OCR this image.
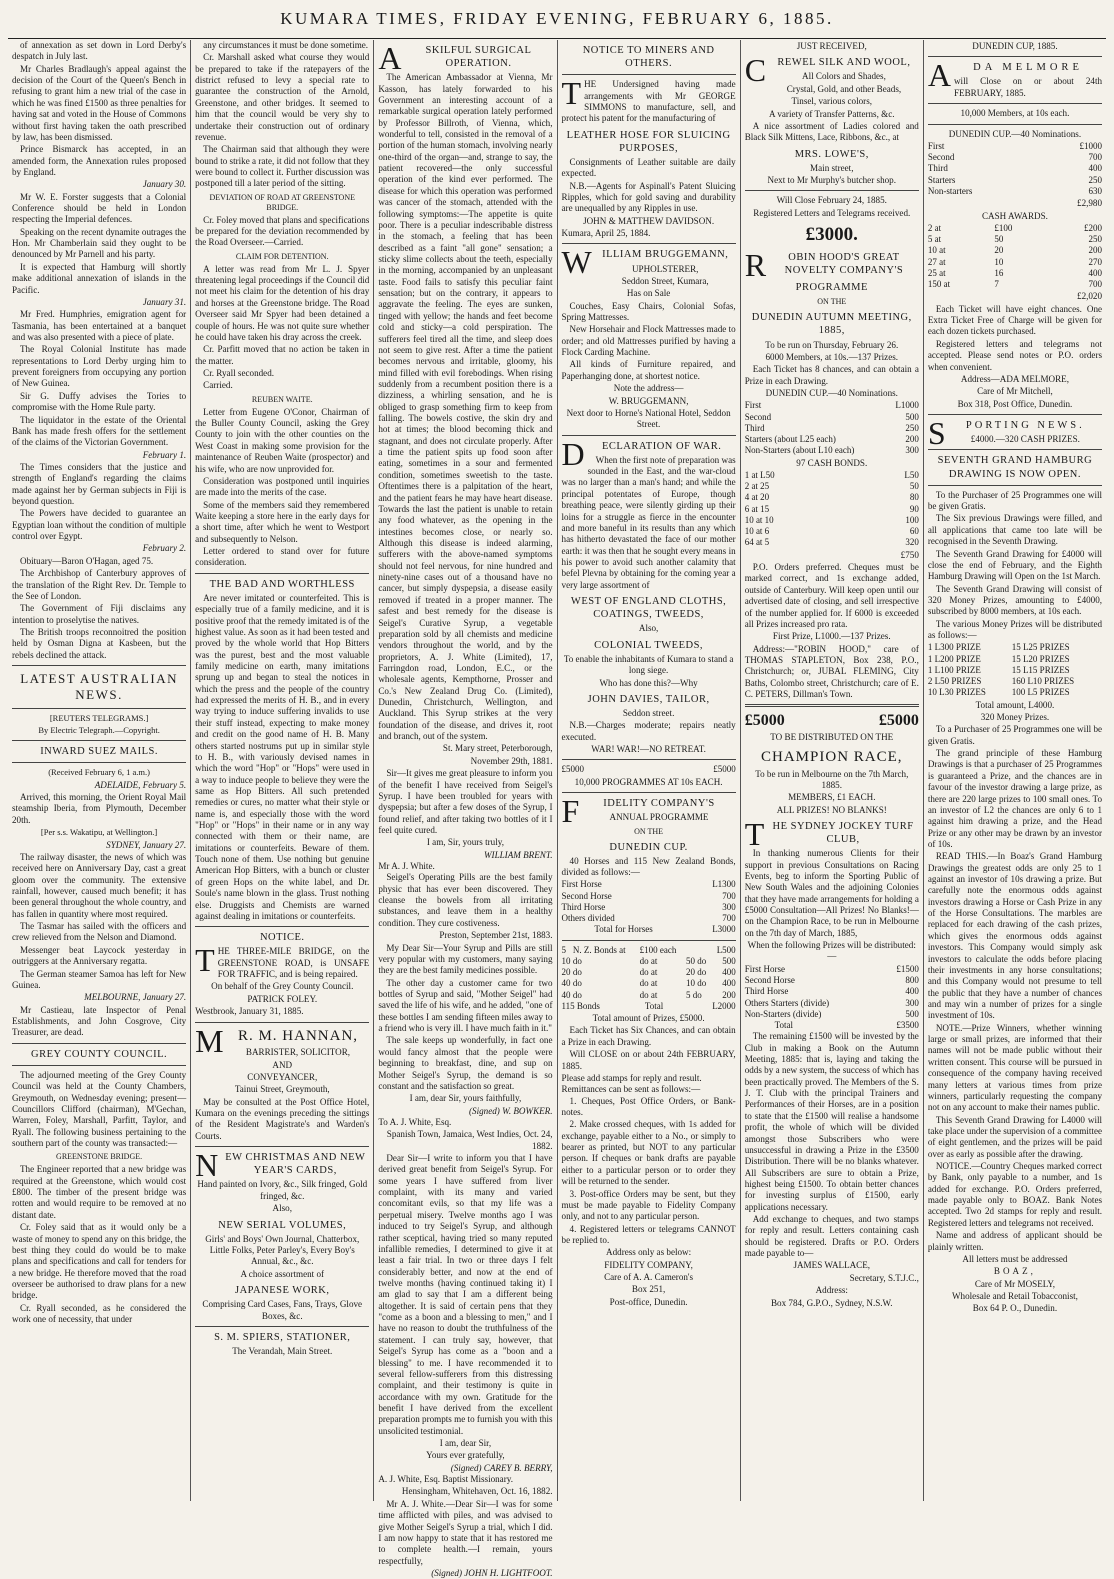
KUMARA TIMES, FRIDAY EVENING, FEBRUARY 6, 1885.

of annexation as set down in Lord Derby's despatch in July last.

Mr Charles Bradlaugh's appeal against the decision of the Court of the Queen's Bench in refusing to grant him a new trial of the case in which he was fined £1500 as three penalties for having sat and voted in the House of Commons without first having taken the oath prescribed by law, has been dismissed.

Prince Bismarck has accepted, in an amended form, the Annexation rules proposed by England.

January 30.

Mr W. E. Forster suggests that a Colonial Conference should be held in London respecting the Imperial defences.

Speaking on the recent dynamite outrages the Hon. Mr Chamberlain said they ought to be denounced by Mr Parnell and his party.

It is expected that Hamburg will shortly make additional annexation of islands in the Pacific.

January 31.

Mr Fred. Humphries, emigration agent for Tasmania, has been entertained at a banquet and was also presented with a piece of plate.

The Royal Colonial Institute has made representations to Lord Derby urging him to prevent foreigners from occupying any portion of New Guinea.

Sir G. Duffy advises the Tories to compromise with the Home Rule party.

The liquidator in the estate of the Oriental Bank has made fresh offers for the settlement of the claims of the Victorian Government.

February 1.

The Times considers that the justice and strength of England's regarding the claims made against her by German subjects in Fiji is beyond question.

The Powers have decided to guarantee an Egyptian loan without the condition of multiple control over Egypt.

February 2.

Obituary—Baron O'Hagan, aged 75.

The Archbishop of Canterbury approves of the translation of the Right Rev. Dr. Temple to the See of London.

The Government of Fiji disclaims any intention to proselytise the natives.

The British troops reconnoitred the position held by Osman Digna at Kasbeen, but the rebels declined the attack.

LATEST AUSTRALIAN NEWS.
[REUTERS TELEGRAMS.]
By Electric Telegraph.—Copyright.
INWARD SUEZ MAILS.
(Received February 6, 1 a.m.)
ADELAIDE, February 5.

Arrived, this morning, the Orient Royal Mail steamship Iberia, from Plymouth, December 20th.

[Per s.s. Wakatipu, at Wellington.]
SYDNEY, January 27.

The railway disaster, the news of which was received here on Anniversary Day, cast a great gloom over the community. The extensive rainfall, however, caused much benefit; it has been general throughout the whole country, and has fallen in quantity where most required.

The Tasmar has sailed with the officers and crew relieved from the Nelson and Diamond.

Messenger beat Laycock yesterday in outriggers at the Anniversary regatta.

The German steamer Samoa has left for New Guinea.

MELBOURNE, January 27.

Mr Castieau, late Inspector of Penal Establishments, and John Cosgrove, City Treasurer, are dead.

GREY COUNTY COUNCIL.

The adjourned meeting of the Grey County Council was held at the County Chambers, Greymouth, on Wednesday evening; present—Councillors Clifford (chairman), M'Gechan, Warren, Foley, Marshall, Parfitt, Taylor, and Ryall. The following business pertaining to the southern part of the county was transacted:—

GREENSTONE BRIDGE.

The Engineer reported that a new bridge was required at the Greenstone, which would cost £800. The timber of the present bridge was rotten and would require to be removed at no distant date.

Cr. Foley said that as it would only be a waste of money to spend any on this bridge, the best thing they could do would be to make plans and specifications and call for tenders for a new bridge. He therefore moved that the road overseer be authorised to draw plans for a new bridge.

Cr. Ryall seconded, as he considered the work one of necessity, that under

any circumstances it must be done sometime.

Cr. Marshall asked what course they would be prepared to take if the ratepayers of the district refused to levy a special rate to guarantee the construction of the Arnold, Greenstone, and other bridges. It seemed to him that the council would be very shy to undertake their construction out of ordinary revenue.

The Chairman said that although they were bound to strike a rate, it did not follow that they were bound to collect it. Further discussion was postponed till a later period of the sitting.

DEVIATION OF ROAD AT GREENSTONE BRIDGE.

Cr. Foley moved that plans and specifications be prepared for the deviation recommended by the Road Overseer.—Carried.

CLAIM FOR DETENTION.

A letter was read from Mr L. J. Spyer threatening legal proceedings if the Council did not meet his claim for the detention of his dray and horses at the Greenstone bridge. The Road Overseer said Mr Spyer had been detained a couple of hours. He was not quite sure whether he could have taken his dray across the creek.

Cr. Parfitt moved that no action be taken in the matter.

Cr. Ryall seconded.

Carried.

REUBEN WAITE.

Letter from Eugene O'Conor, Chairman of the Buller County Council, asking the Grey County to join with the other counties on the West Coast in making some provision for the maintenance of Reuben Waite (prospector) and his wife, who are now unprovided for.

Consideration was postponed until inquiries are made into the merits of the case.

Some of the members said they remembered Waite keeping a store here in the early days for a short time, after which he went to Westport and subsequently to Nelson.

Letter ordered to stand over for future consideration.

THE BAD AND WORTHLESS

Are never imitated or counterfeited. This is especially true of a family medicine, and it is positive proof that the remedy imitated is of the highest value. As soon as it had been tested and proved by the whole world that Hop Bitters was the purest, best and the most valuable family medicine on earth, many imitations sprung up and began to steal the notices in which the press and the people of the country had expressed the merits of H. B., and in every way trying to induce suffering invalids to use their stuff instead, expecting to make money and credit on the good name of H. B. Many others started nostrums put up in similar style to H. B., with variously devised names in which the word "Hop" or "Hops" were used in a way to induce people to believe they were the same as Hop Bitters. All such pretended remedies or cures, no matter what their style or name is, and especially those with the word "Hop" or "Hops" in their name or in any way connected with them or their name, are imitations or counterfeits. Beware of them. Touch none of them. Use nothing but genuine American Hop Bitters, with a bunch or cluster of green Hops on the white label, and Dr. Soule's name blown in the glass. Trust nothing else. Druggists and Chemists are warned against dealing in imitations or counterfeits.

NOTICE.

THE THREE-MILE BRIDGE, on the GREENSTONE ROAD, is UNSAFE FOR TRAFFIC, and is being repaired.

On behalf of the Grey County Council.
PATRICK FOLEY.
Westbrook, January 31, 1885.

M R. M. HANNAN,
BARRISTER, SOLICITOR,

AND
CONVEYANCER,
Tainui Street, Greymouth,

May be consulted at the Post Office Hotel, Kumara on the evenings preceding the sittings of the Resident Magistrate's and Warden's Courts.

N EW CHRISTMAS AND NEW YEAR'S CARDS,

Hand painted on Ivory, &c., Silk fringed, Gold fringed, &c.
Also,
NEW SERIAL VOLUMES,
Girls' and Boys' Own Journal, Chatterbox, Little Folks, Peter Parley's, Every Boy's Annual, &c., &c.
A choice assortment of
JAPANESE WORK,
Comprising Card Cases, Fans, Trays, Glove Boxes, &c.
S. M. SPIERS, STATIONER,
The Verandah, Main Street.

A	SKILFUL SURGICAL OPERATION.

The American Ambassador at Vienna, Mr Kasson, has lately forwarded to his Government an interesting account of a remarkable surgical operation lately performed by Professor Billroth, of Vienna, which, wonderful to tell, consisted in the removal of a portion of the human stomach, involving nearly one-third of the organ—and, strange to say, the patient recovered—the only successful operation of the kind ever performed. The disease for which this operation was performed was cancer of the stomach, attended with the following symptoms:—The appetite is quite poor. There is a peculiar indescribable distress in the stomach, a feeling that has been described as a faint "all gone" sensation; a sticky slime collects about the teeth, especially in the morning, accompanied by an unpleasant taste. Food fails to satisfy this peculiar faint sensation; but on the contrary, it appears to aggravate the feeling. The eyes are sunken, tinged with yellow; the hands and feet become cold and sticky—a cold perspiration. The sufferers feel tired all the time, and sleep does not seem to give rest. After a time the patient becomes nervous and irritable, gloomy, his mind filled with evil forebodings. When rising suddenly from a recumbent position there is a dizziness, a whirling sensation, and he is obliged to grasp something firm to keep from falling. The bowels costive, the skin dry and hot at times; the blood becoming thick and stagnant, and does not circulate properly. After a time the patient spits up food soon after eating, sometimes in a sour and fermented condition, sometimes sweetish to the taste. Oftentimes there is a palpitation of the heart, and the patient fears he may have heart disease. Towards the last the patient is unable to retain any food whatever, as the opening in the intestines becomes close, or nearly so. Although this disease is indeed alarming, sufferers with the above-named symptoms should not feel nervous, for nine hundred and ninety-nine cases out of a thousand have no cancer, but simply dyspepsia, a disease easily removed if treated in a proper manner. The safest and best remedy for the disease is Seigel's Curative Syrup, a vegetable preparation sold by all chemists and medicine vendors throughout the world, and by the proprietors, A. J. White (Limited), 17, Farringdon road, London, E.C., or the wholesale agents, Kempthorne, Prosser and Co.'s New Zealand Drug Co. (Limited), Dunedin, Christchurch, Wellington, and Auckland. This Syrup strikes at the very foundation of the disease, and drives it, root and branch, out of the system.

St. Mary street, Peterborough,
November 29th, 1881.

Sir—It gives me great pleasure to inform you of the benefit I have received from Seigel's Syrup. I have been troubled for years with dyspepsia; but after a few doses of the Syrup, I found relief, and after taking two bottles of it I feel quite cured.

I am, Sir, yours truly,
WILLIAM BRENT.
Mr A. J. White.

Seigel's Operating Pills are the best family physic that has ever been discovered. They cleanse the bowels from all irritating substances, and leave them in a healthy condition. They cure costiveness.

Preston, September 21st, 1883.

My Dear Sir—Your Syrup and Pills are still very popular with my customers, many saying they are the best family medicines possible.

The other day a customer came for two bottles of Syrup and said, "Mother Seigel" had saved the life of his wife, and he added, "one of these bottles I am sending fifteen miles away to a friend who is very ill. I have much faith in it."

The sale keeps up wonderfully, in fact one would fancy almost that the people were beginning to breakfast, dine, and sup on Mother Seigel's Syrup, the demand is so constant and the satisfaction so great.

I am, dear Sir, yours faithfully,
(Signed) W. BOWKER.
To A. J. White, Esq.
Spanish Town, Jamaica, West Indies, Oct. 24, 1882.

Dear Sir—I write to inform you that I have derived great benefit from Seigel's Syrup. For some years I have suffered from liver complaint, with its many and varied concomitant evils, so that my life was a perpetual misery. Twelve months ago I was induced to try Seigel's Syrup, and although rather sceptical, having tried so many reputed infallible remedies, I determined to give it at least a fair trial. In two or three days I felt considerably better, and now at the end of twelve months (having continued taking it) I am glad to say that I am a different being altogether. It is said of certain pens that they "come as a boon and a blessing to men," and I have no reason to doubt the truthfulness of the statement. I can truly say, however, that Seigel's Syrup has come as a "boon and a blessing" to me. I have recommended it to several fellow-sufferers from this distressing complaint, and their testimony is quite in accordance with my own. Gratitude for the benefit I have derived from the excellent preparation prompts me to furnish you with this unsolicited testimonial.

I am, dear Sir,
Yours ever gratefully,
(Signed) CAREY B. BERRY,
A. J. White, Esq. Baptist Missionary.
Hensingham, Whitehaven, Oct. 16, 1882.

Mr A. J. White.—Dear Sir—I was for some time afflicted with piles, and was advised to give Mother Seigel's Syrup a trial, which I did. I am now happy to state that it has restored me to complete health.—I remain, yours respectfully,

(Signed) JOHN H. LIGHTFOOT.
NOTICE TO MINERS AND OTHERS.

THE Undersigned having made arrangements with Mr GEORGE SIMMONS to manufacture, sell, and protect his patent for the manufacturing of

LEATHER HOSE FOR SLUICING PURPOSES,

Consignments of Leather suitable are daily expected.

N.B.—Agents for Aspinall's Patent Sluicing Ripples, which for gold saving and durability are unequalled by any Ripples in use.

JOHN & MATTHEW DAVIDSON.
Kumara, April 25, 1884.

W ILLIAM BRUGGEMANN,
UPHOLSTERER,

Seddon Street, Kumara,
Has on Sale

Couches, Easy Chairs, Colonial Sofas, Spring Mattresses.

New Horsehair and Flock Mattresses made to order; and old Mattresses purified by having a Flock Carding Machine.

All kinds of Furniture repaired, and Paperhanging done, at shortest notice.

Note the address—
W. BRUGGEMANN,
Next door to Horne's National Hotel, Seddon Street.

D	ECLARATION OF WAR.

When the first note of preparation was sounded in the East, and the war-cloud was no larger than a man's hand; and while the principal potentates of Europe, though breathing peace, were silently girding up their loins for a struggle as fierce in the encounter and more baneful in its results than any which has hitherto devastated the face of our mother earth: it was then that he sought every means in his power to avoid such another calamity that befel Plevna by obtaining for the coming year a very large assortment of

WEST OF ENGLAND CLOTHS, COATINGS, TWEEDS,
Also,
COLONIAL TWEEDS,
To enable the inhabitants of Kumara to stand a long siege.
Who has done this?—Why
JOHN DAVIES, TAILOR,
Seddon street.

N.B.—Charges moderate; repairs neatly executed.

WAR! WAR!—NO RETREAT.
£5000	£5000
10,000 PROGRAMMES AT 10s EACH.

F	IDELITY COMPANY'S
ANNUAL PROGRAMME

ON THE
DUNEDIN CUP.

40 Horses and 115 New Zealand Bonds, divided as follows:—

First Horse	L1300
Second Horse	700
Third Horse	300
Others divided	700
Total for Horses	L3000
5	N. Z. Bonds at	£100 each		L500
10	do	do at	50 do	500
20	do	do at	20 do	400
40	do	do at	10 do	400
40	do	do at	5 do	200
115 Bonds	Total	L2000
Total amount of Prizes, £5000.

Each Ticket has Six Chances, and can obtain a Prize in each Drawing.

Will CLOSE on or about 24th FEBRUARY, 1885.

Please add stamps for reply and result.
Remittances can be sent as follows:—

1. Cheques, Post Office Orders, or Bank-notes.

2. Make crossed cheques, with 1s added for exchange, payable either to a No., or simply to bearer as printed, but NOT to any particular person. If cheques or bank drafts are payable either to a particular person or to order they will be returned to the sender.

3. Post-office Orders may be sent, but they must be made payable to Fidelity Company only, and not to any particular person.

4. Registered letters or telegrams CANNOT be replied to.

Address only as below:
FIDELITY COMPANY,
Care of A. A. Cameron's
Box 251,
Post-office, Dunedin.
JUST RECEIVED,

C	REWEL SILK AND WOOL,

All Colors and Shades,
Crystal, Gold, and other Beads,
Tinsel, various colors,
A variety of Transfer Patterns, &c.

A nice assortment of Ladies colored and Black Silk Mittens, Lace, Ribbons, &c., at

MRS. LOWE'S,
Main street,
Next to Mr Murphy's butcher shop.
Will Close February 24, 1885.
Registered Letters and Telegrams received.
£3000.

R	OBIN HOOD'S GREAT NOVELTY COMPANY'S

PROGRAMME
ON THE
DUNEDIN AUTUMN MEETING, 1885,
To be run on Thursday, February 26.
6000 Members, at 10s.—137 Prizes.

Each Ticket has 8 chances, and can obtain a Prize in each Drawing.

DUNEDIN CUP.—40 Nominations.
First	L1000
Second	500
Third	250
Starters (about L25 each)	200
Non-Starters (about L10 each)	300
97 CASH BONDS.
1 at L50	L50
2 at 25	50
4 at 20	80
6 at 15	90
10 at 10	100
10 at 6	60
64 at 5	320
£750

P.O. Orders preferred. Cheques must be marked correct, and 1s exchange added, outside of Canterbury. Will keep open until our advertised date of closing, and sell irrespective of the number applied for. If 6000 is exceeded all Prizes increased pro rata.

First Prize, L1000.—137 Prizes.

Address:—"ROBIN HOOD," care of THOMAS STAPLETON, Box 238, P.O., Christchurch; or, JUBAL FLEMING, City Baths, Colombo street, Christchurch; care of E. C. PETERS, Dillman's Town.

£5000	£5000
TO BE DISTRIBUTED ON THE
CHAMPION RACE,
To be run in Melbourne on the 7th March, 1885.
MEMBERS, £1 EACH.
ALL PRIZES! NO BLANKS!

T HE SYDNEY JOCKEY TURF CLUB,

In thanking numerous Clients for their support in previous Consultations on Racing Events, beg to inform the Sporting Public of New South Wales and the adjoining Colonies that they have made arrangements for holding a £5000 Consultation—All Prizes! No Blanks!—on the Champion Race, to be run in Melbourne on the 7th day of March, 1885,

When the following Prizes will be distributed:—
First Horse	£1500
Second Horse	800
Third Horse	400
Others Starters (divide)	300
Non-Starters (divide)	500
Total	£3500

The remaining £1500 will be invested by the Club in making a Book on the Autumn Meeting, 1885: that is, laying and taking the odds by a new system, the success of which has been practically proved. The Members of the S. J. T. Club with the principal Trainers and Performances of their Horses, are in a position to state that the £1500 will realise a handsome profit, the whole of which will be divided amongst those Subscribers who were unsuccessful in drawing a Prize in the £3500 Distribution. There will be no blanks whatever. All Subscribers are sure to obtain a Prize, highest being £1500. To obtain better chances for investing surplus of £1500, early applications necessary.

Add exchange to cheques, and two stamps for reply and result. Letters containing cash should be registered. Drafts or P.O. Orders made payable to—

JAMES WALLACE,
Secretary, S.T.J.C.,
Address:
Box 784, G.P.O., Sydney, N.S.W.
DUNEDIN CUP, 1885.

A	DA MELMORE
will Close on or about 24th FEBRUARY, 1885.

10,000 Members, at 10s each.
DUNEDIN CUP.—40 Nominations.
First	£1000
Second	700
Third	400
Starters	250
Non-starters	630
£2,980
CASH AWARDS.
2 at	£100	£200
5 at	50	250
10 at	20	200
27 at	10	270
25 at	16	400
150 at	7	700
£2,020

Each Ticket will have eight chances. One Extra Ticket Free of Charge will be given for each dozen tickets purchased.

Registered letters and telegrams not accepted. Please send notes or P.O. orders when convenient.

Address—ADA MELMORE,
Care of Mr Mitchell,
Box 318, Post Office, Dunedin.

S	PORTING NEWS.

£4000.—320 CASH PRIZES.
SEVENTH GRAND HAMBURG DRAWING IS NOW OPEN.

To the Purchaser of 25 Programmes one will be given Gratis.

The Six previous Drawings were filled, and all applications that came too late will be recognised in the Seventh Drawing.

The Seventh Grand Drawing for £4000 will close the end of February, and the Eighth Hamburg Drawing will Open on the 1st March.

The Seventh Grand Drawing will consist of 320 Money Prizes, amounting to £4000, subscribed by 8000 members, at 10s each.

The various Money Prizes will be distributed as follows:—

1 L300 PRIZE	15 L25 PRIZES
1 L200 PRIZE	15 L20 PRIZES
1 L100 PRIZE	15 L15 PRIZES
2 L50 PRIZES	160 L10 PRIZES
10 L30 PRIZES	100 L5 PRIZES
Total amount, L4000.
320 Money Prizes.

To a Purchaser of 25 Programmes one will be given Gratis.

The grand principle of these Hamburg Drawings is that a purchaser of 25 Programmes is guaranteed a Prize, and the chances are in favour of the investor drawing a large prize, as there are 220 large prizes to 100 small ones. To an investor of L2 the chances are only 6 to 1 against him drawing a prize, and the Head Prize or any other may be drawn by an investor of 10s.

READ THIS.—In Boaz's Grand Hamburg Drawings the greatest odds are only 25 to 1 against an investor of 10s drawing a prize. But carefully note the enormous odds against investors drawing a Horse or Cash Prize in any of the Horse Consultations. The marbles are replaced for each drawing of the cash prizes, which gives the enormous odds against investors. This Company would simply ask investors to calculate the odds before placing their investments in any horse consultations; and this Company would not presume to tell the public that they have a number of chances and may win a number of prizes for a single investment of 10s.

NOTE.—Prize Winners, whether winning large or small prizes, are informed that their names will not be made public without their written consent. This course will be pursued in consequence of the company having received many letters at various times from prize winners, particularly requesting the company not on any account to make their names public.

This Seventh Grand Drawing for L4000 will take place under the supervision of a committee of eight gentlemen, and the prizes will be paid over as early as possible after the drawing.

NOTICE.—Country Cheques marked correct by Bank, only payable to a number, and 1s added for exchange. P.O. Orders preferred, made payable only to BOAZ. Bank Notes accepted. Two 2d stamps for reply and result. Registered letters and telegrams not received.

Name and address of applicant should be plainly written.

All letters must be addressed
BOAZ,
Care of Mr MOSELY,
Wholesale and Retail Tobacconist,
Box 64 P. O., Dunedin.
